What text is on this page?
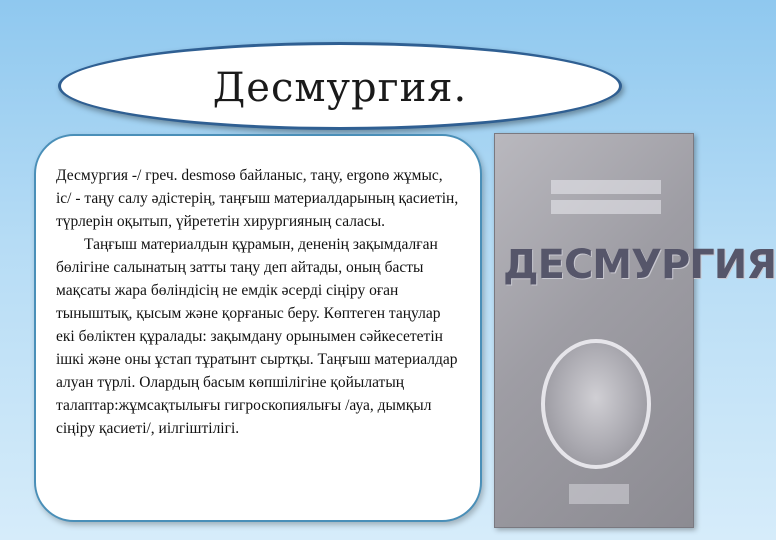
Десмургия.

Десмургия -/ греч. desmosө байланыс, таңу, ergonө жұмыс, іс/ - таңу салу әдістерің, таңғыш материалдарының қасиетін, түрлерін оқытып, үйрететін хирургияның саласы.

Таңғыш материалдын құрамын, дененің зақымдалған бөлігіне салынатың затты таңу деп айтады, оның басты мақсаты жара бөліндісің не емдік әсерді сіңіру оған тыныштық, қысым және қорғаныс беру. Көптеген таңулар екі бөліктен құралады: зақымдану орынымен сәйкесететін ішкі және оны ұстап тұратынт сыртқы. Таңғыш материалдар алуан түрлі. Олардың басым көпшілігіне қойылатың талаптар:жұмсақтылығы гигроскопиялығы /ауа, дымқыл сіңіру қасиеті/, иілгіштілігі.

ДЕСМУРГИЯ
